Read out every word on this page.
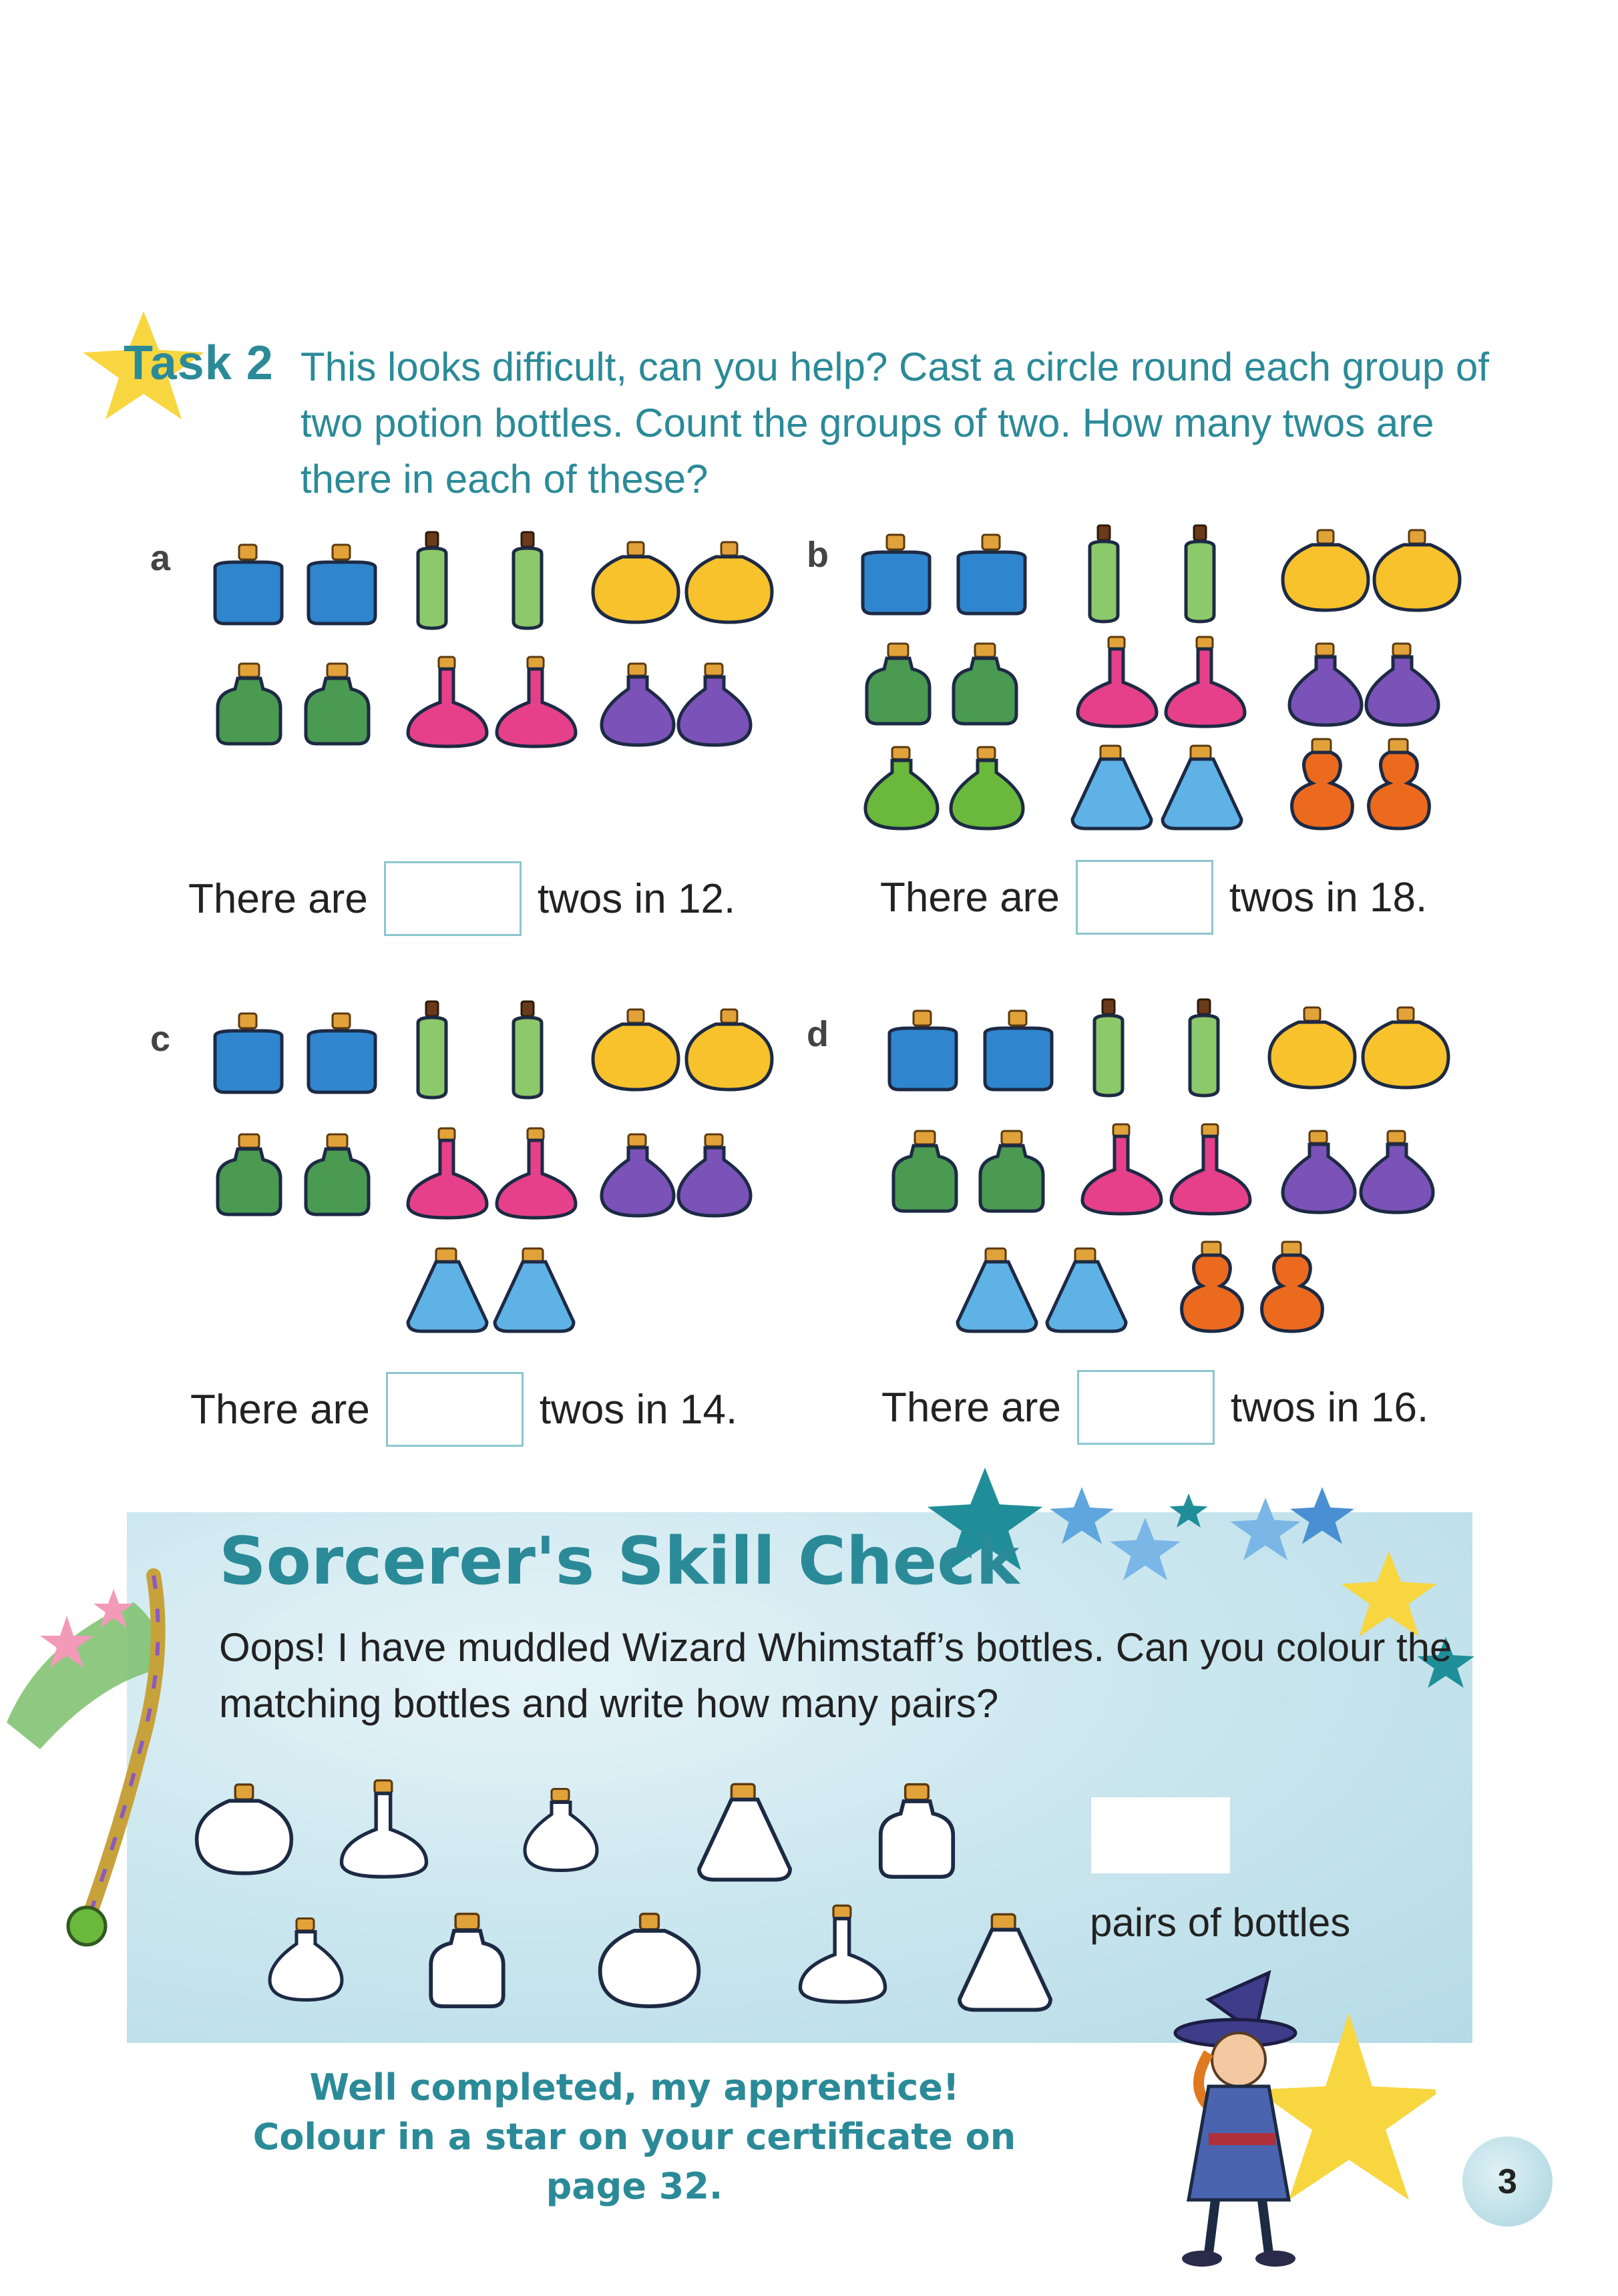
Task 2 This looks difficult, can you help? Cast a circle round each group of two potion bottles. Count the groups of two. How many twos are there in each of these?
a	b
c	d
There are	twos in 12.	There are	twos in 18.
There are	twos in 14.	There are	twos in 16.
Sorcerer's Skill Check
Oops! I have muddled Wizard Whimstaff’s bottles. Can you colour the matching bottles and write how many pairs?
pairs of bottles
Well completed, my apprentice!
Colour in a star on your certificate on page 32.	3
